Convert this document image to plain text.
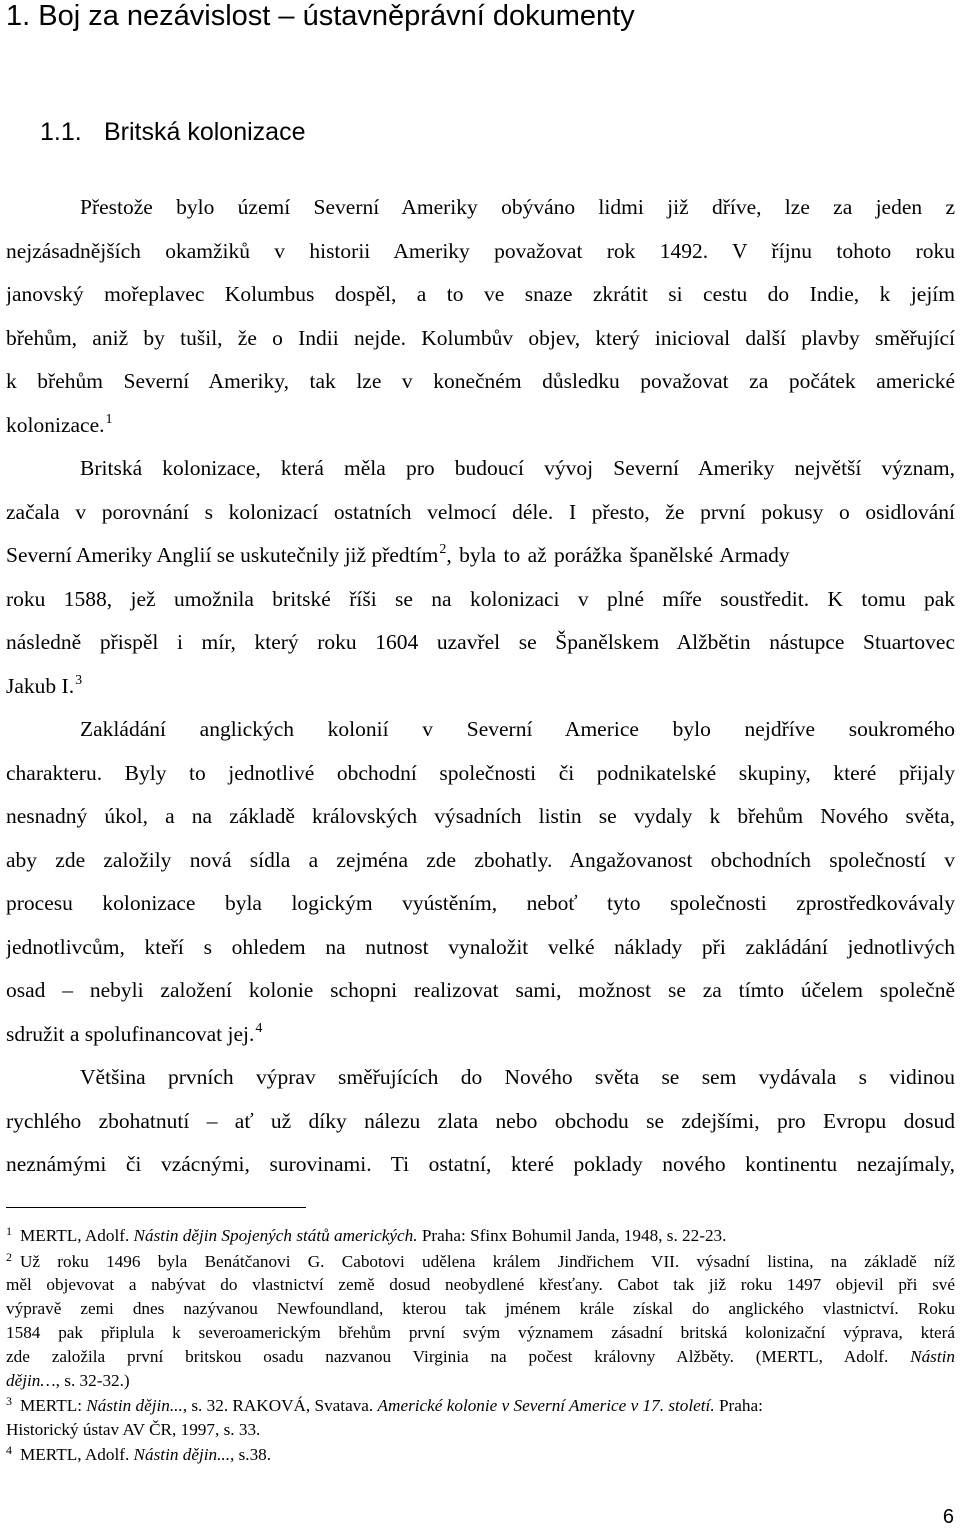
1. Boj za nezávislost – ústavněprávní dokumenty
1.1. Britská kolonizace
Přestože bylo území Severní Ameriky obýváno lidmi již dříve, lze za jeden z
nejzásadnějších okamžiků v historii Ameriky považovat rok 1492. V říjnu tohoto roku
janovský mořeplavec Kolumbus dospěl, a to ve snaze zkrátit si cestu do Indie, k jejím
břehům, aniž by tušil, že o Indii nejde. Kolumbův objev, který inicioval další plavby směřující
k břehům Severní Ameriky, tak lze v konečném důsledku považovat za počátek americké
kolonizace.$^1$
Britská kolonizace, která měla pro budoucí vývoj Severní Ameriky největší význam,
začala v porovnání s kolonizací ostatních velmocí déle. I přesto, že první pokusy o osidlování
Severní Ameriky Anglií se uskutečnily již předtím$^2$, byla to až porážka španělské Armady
roku 1588, jež umožnila britské říši se na kolonizaci v plné míře soustředit. K tomu pak
následně přispěl i mír, který roku 1604 uzavřel se Španělskem Alžbětin nástupce Stuartovec
Jakub I.$^3$
Zakládání anglických kolonií v Severní Americe bylo nejdříve soukromého
charakteru. Byly to jednotlivé obchodní společnosti či podnikatelské skupiny, které přijaly
nesnadný úkol, a na základě královských výsadních listin se vydaly k břehům Nového světa,
aby zde založily nová sídla a zejména zde zbohatly. Angažovanost obchodních společností v
procesu kolonizace byla logickým vyústěním, neboť tyto společnosti zprostředkovávaly
jednotlivcům, kteří s ohledem na nutnost vynaložit velké náklady při zakládání jednotlivých
osad – nebyli založení kolonie schopni realizovat sami, možnost se za tímto účelem společně
sdružit a spolufinancovat jej.$^4$
Většina prvních výprav směřujících do Nového světa se sem vydávala s vidinou
rychlého zbohatnutí – ať už díky nálezu zlata nebo obchodu se zdejšími, pro Evropu dosud
neznámými či vzácnými, surovinami. Ti ostatní, které poklady nového kontinentu nezajímaly,
$^1$ MERTL, Adolf. Nástin dějin Spojených států amerických. Praha: Sfinx Bohumil Janda, 1948, s. 22-23.
$^2$ Už roku 1496 byla Benátčanovi G. Cabotovi udělena králem Jindřichem VII. výsadní listina, na základě níž
měl objevovat a nabývat do vlastnictví země dosud neobydlené křesťany. Cabot tak již roku 1497 objevil při své
výpravě zemi dnes nazývanou Newfoundland, kterou tak jménem krále získal do anglického vlastnictví. Roku
1584 pak připlula k severoamerickým břehům první svým významem zásadní britská kolonizační výprava, která
zde založila první britskou osadu nazvanou Virginia na počest královny Alžběty. (MERTL, Adolf. Nástin
dějin…, s. 32-32.)
$^3$ MERTL: Nástin dějin..., s. 32. RAKOVÁ, Svatava. Americké kolonie v Severní Americe v 17. století. Praha:
Historický ústav AV ČR, 1997, s. 33.
$^4$ MERTL, Adolf. Nástin dějin..., s.38.
6
